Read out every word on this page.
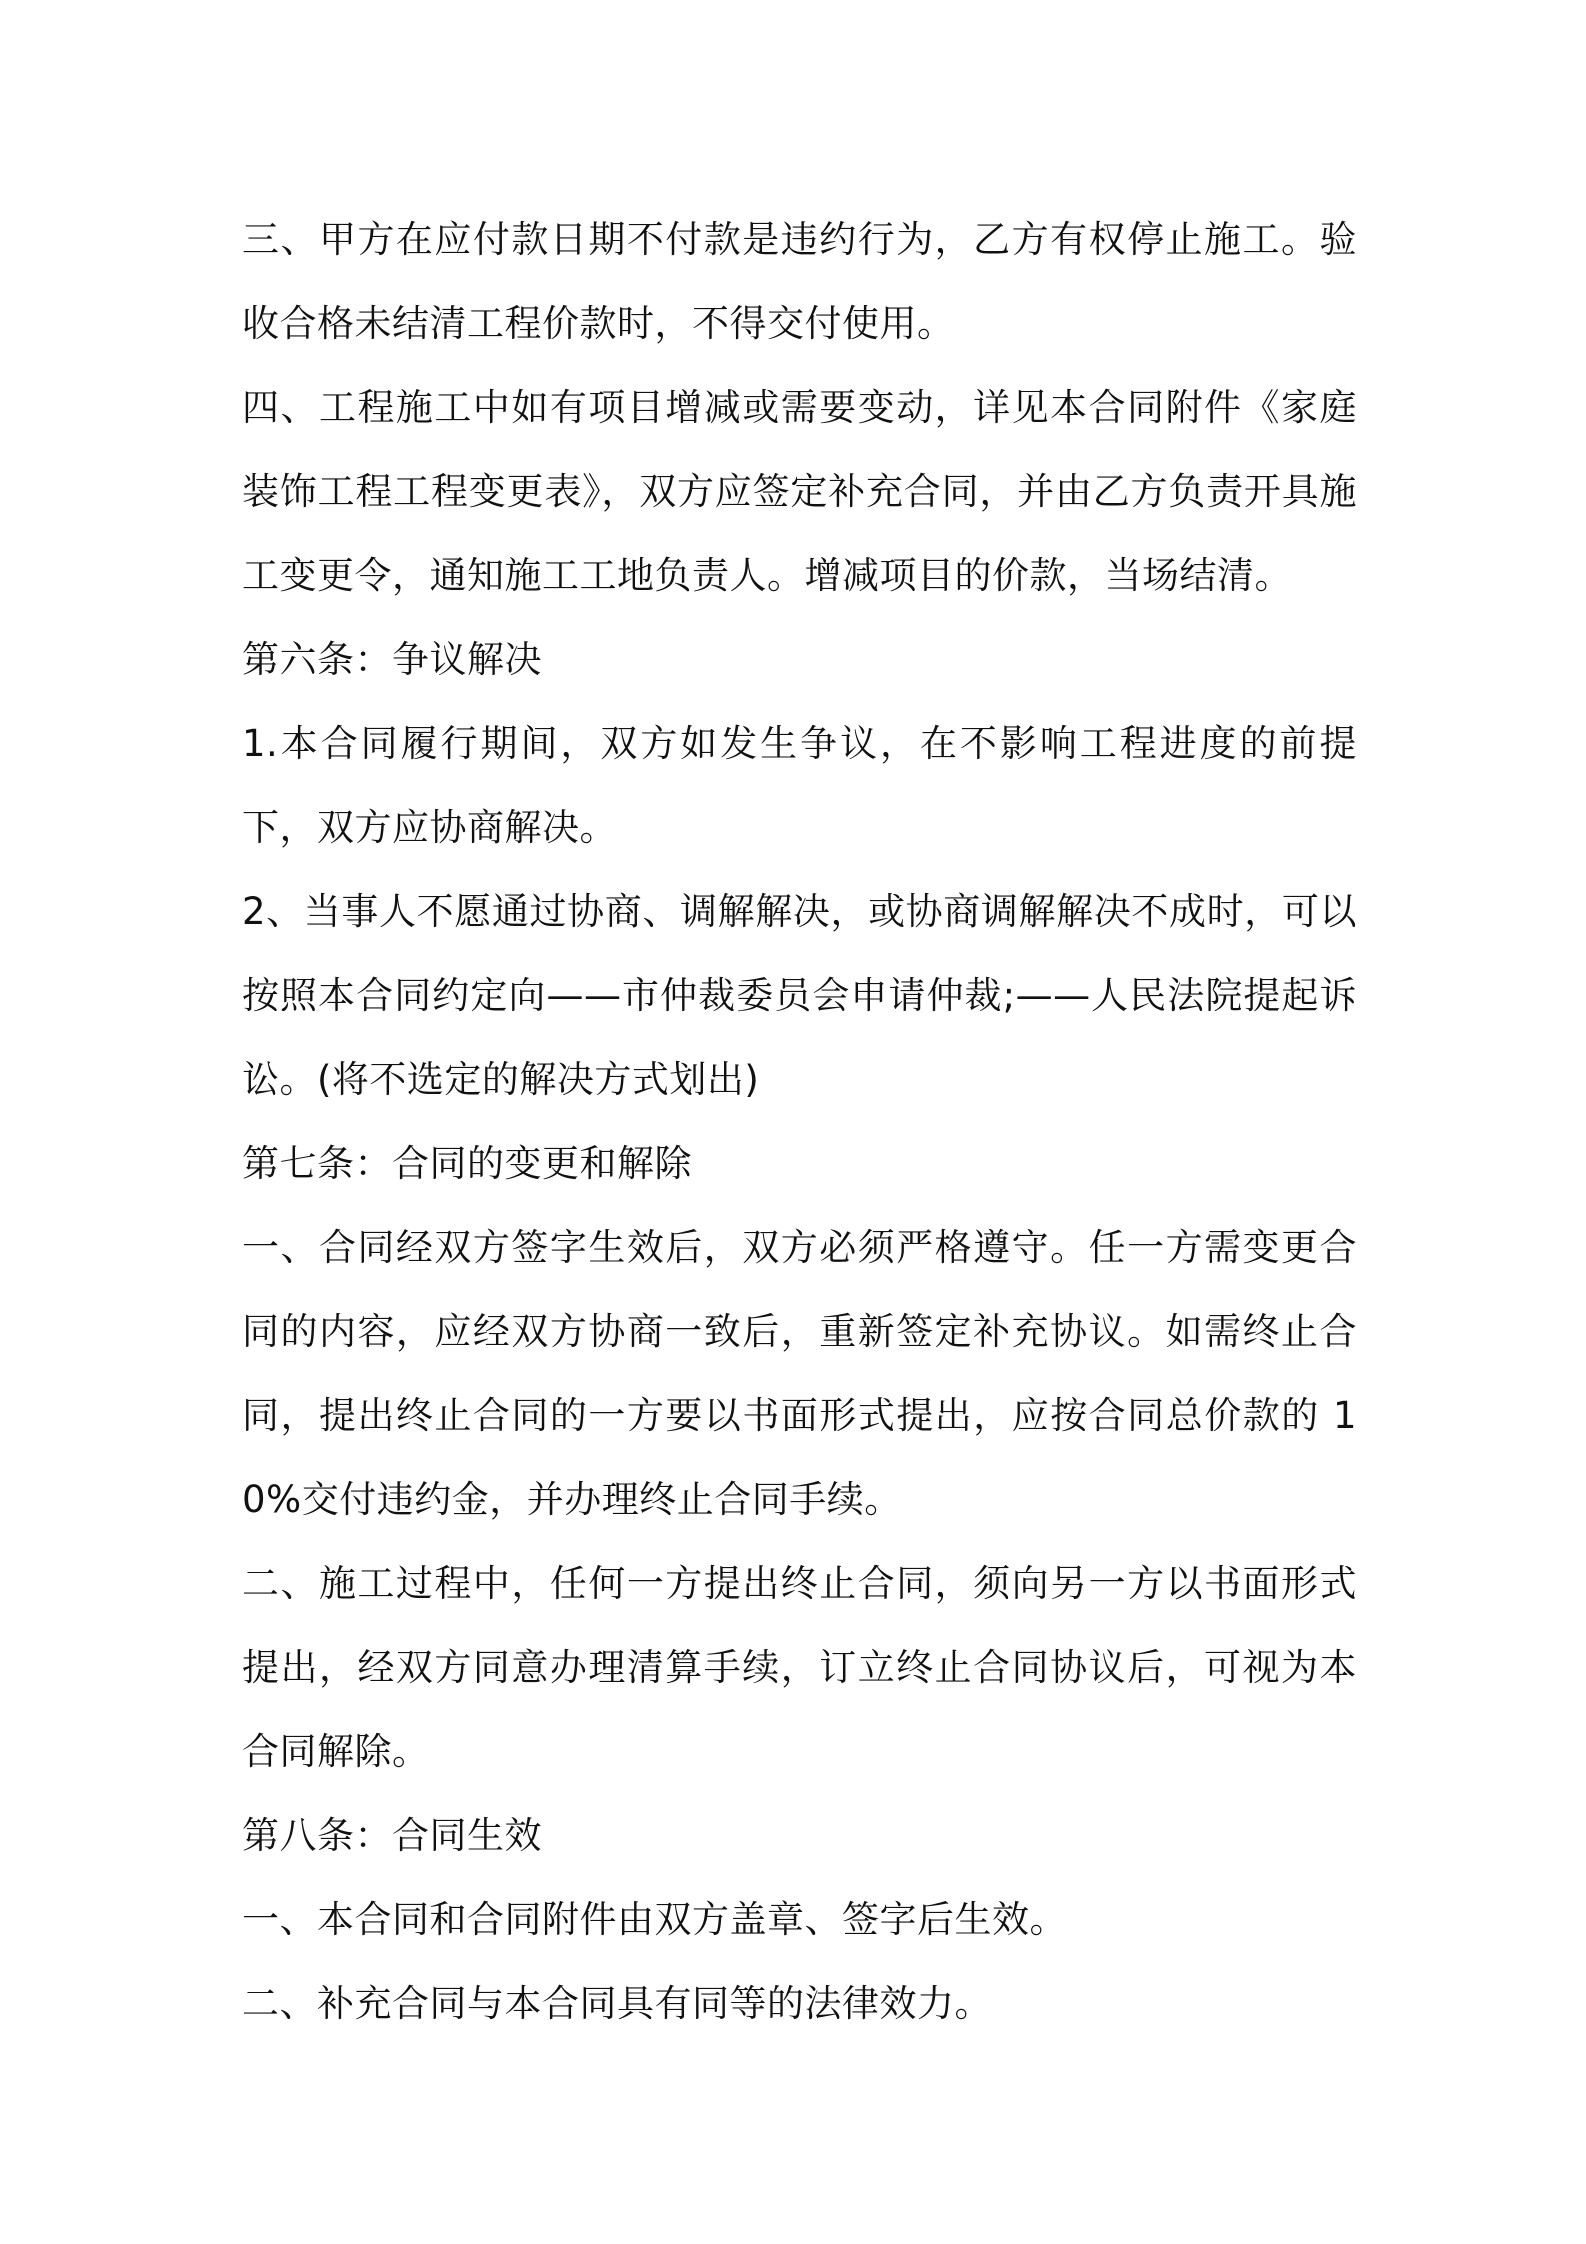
三、甲方在应付款日期不付款是违约行为，乙方有权停止施工。验收合格未结清工程价款时，不得交付使用。

四、工程施工中如有项目增减或需要变动，详见本合同附件《家庭装饰工程工程变更表》，双方应签定补充合同，并由乙方负责开具施工变更令，通知施工工地负责人。增减项目的价款，当场结清。

第六条：争议解决

1.本合同履行期间，双方如发生争议，在不影响工程进度的前提下，双方应协商解决。

2、当事人不愿通过协商、调解解决，或协商调解解决不成时，可以按照本合同约定向——市仲裁委员会申请仲裁;——人民法院提起诉讼。(将不选定的解决方式划出)

第七条：合同的变更和解除

一、合同经双方签字生效后，双方必须严格遵守。任一方需变更合同的内容，应经双方协商一致后，重新签定补充协议。如需终止合同，提出终止合同的一方要以书面形式提出，应按合同总价款的 10%交付违约金，并办理终止合同手续。

二、施工过程中，任何一方提出终止合同，须向另一方以书面形式提出，经双方同意办理清算手续，订立终止合同协议后，可视为本合同解除。

第八条：合同生效

一、本合同和合同附件由双方盖章、签字后生效。

二、补充合同与本合同具有同等的法律效力。
